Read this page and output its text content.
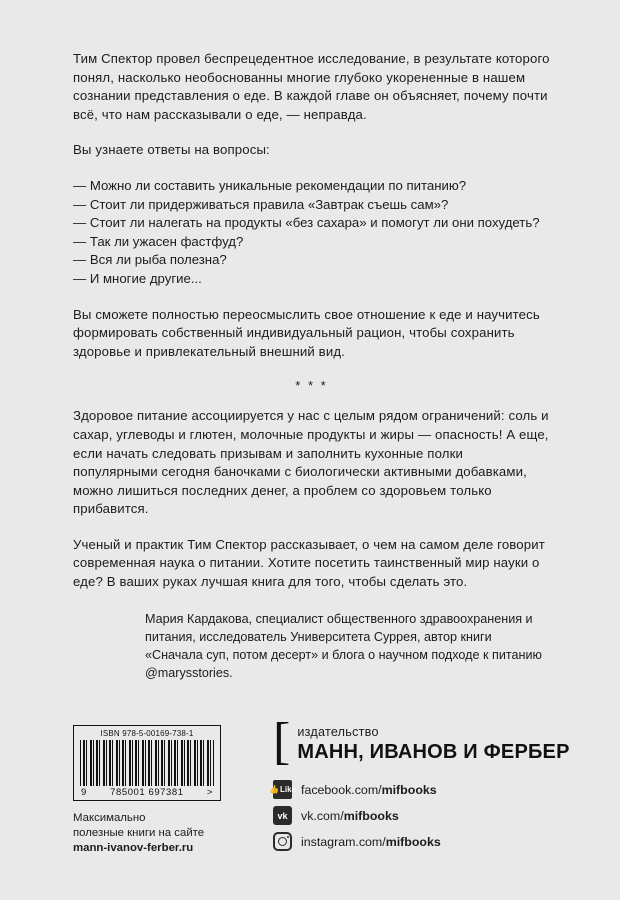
Тим Спектор провел беспрецедентное исследование, в результате которого понял, насколько необоснованны многие глубоко укорененные в нашем сознании представления о еде. В каждой главе он объясняет, почему почти всё, что нам рассказывали о еде, — неправда.

Вы узнаете ответы на вопросы:

— Можно ли составить уникальные рекомендации по питанию?
— Стоит ли придерживаться правила «Завтрак съешь сам»?
— Стоит ли налегать на продукты «без сахара» и помогут ли они похудеть?
— Так ли ужасен фастфуд?
— Вся ли рыба полезна?
— И многие другие...

Вы сможете полностью переосмыслить свое отношение к еде и научитесь формировать собственный индивидуальный рацион, чтобы сохранить здоровье и привлекательный внешний вид.

* * *

Здоровое питание ассоциируется у нас с целым рядом ограничений: соль и сахар, углеводы и глютен, молочные продукты и жиры — опасность! А еще, если начать следовать призывам и заполнить кухонные полки популярными сегодня баночками с биологически активными добавками, можно лишиться последних денег, а проблем со здоровьем только прибавится.

Ученый и практик Тим Спектор рассказывает, о чем на самом деле говорит современная наука о питании. Хотите посетить таинственный мир науки о еде? В ваших руках лучшая книга для того, чтобы сделать это.

Мария Кардакова, специалист общественного здравоохранения и питания, исследователь Университета Суррея, автор книги «Сначала суп, потом десерт» и блога о научном подходе к питанию @marysstories.

ISBN 978-5-00169-738-1
9 785001 697381 >
Максимально
полезные книги на сайте
mann-ivanov-ferber.ru
[ издательство
МАНН, ИВАНОВ И ФЕРБЕР
👍 Like facebook.com/mifbooks
vk vk.com/mifbooks
instagram.com/mifbooks
